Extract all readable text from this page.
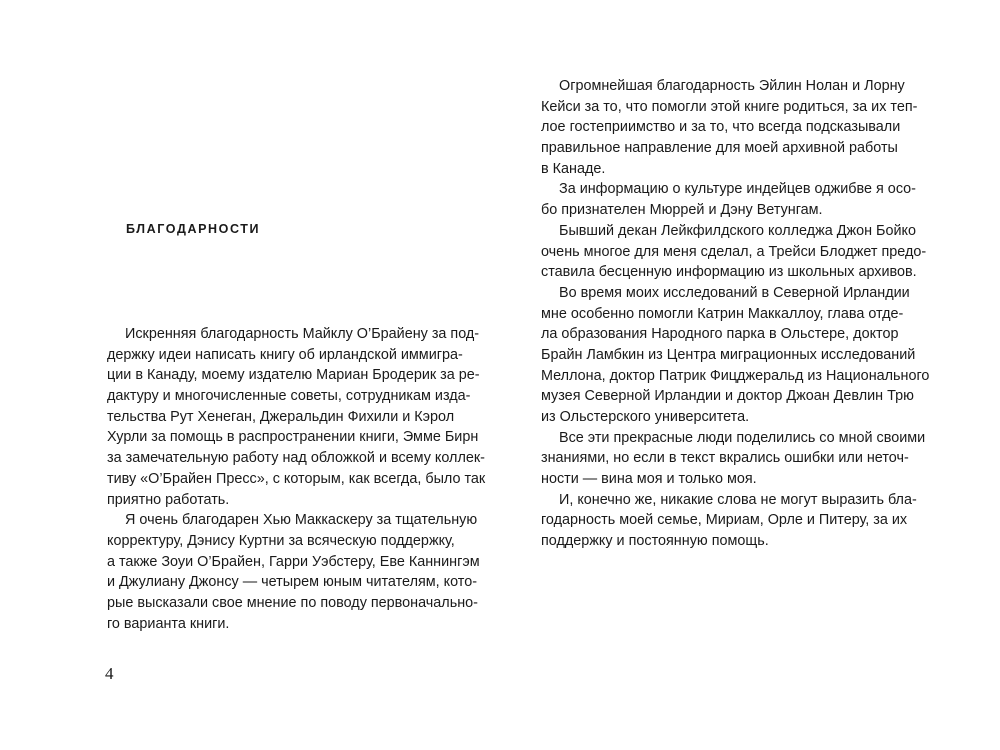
БЛАГОДАРНОСТИ
Искренняя благодарность Майклу О’Брайену за под-
держку идеи написать книгу об ирландской иммигра-
ции в Канаду, моему издателю Мариан Бродерик за ре-
дактуру и многочисленные советы, сотрудникам изда-
тельства Рут Хенеган, Джеральдин Фихили и Кэрол
Хурли за помощь в распространении книги, Эмме Бирн
за замечательную работу над обложкой и всему коллек-
тиву «О’Брайен Пресс», с которым, как всегда, было так
приятно работать.
Я очень благодарен Хью Маккаскеру за тщательную
корректуру, Дэнису Куртни за всяческую поддержку,
а также Зоуи О’Брайен, Гарри Уэбстеру, Еве Каннингэм
и Джулиану Джонсу — четырем юным читателям, кото-
рые высказали свое мнение по поводу первоначально-
го варианта книги.
4
Огромнейшая благодарность Эйлин Нолан и Лорну
Кейси за то, что помогли этой книге родиться, за их теп-
лое гостеприимство и за то, что всегда подсказывали
правильное направление для моей архивной работы
в Канаде.
За информацию о культуре индейцев оджибве я осо-
бо признателен Мюррей и Дэну Ветунгам.
Бывший декан Лейкфилдского колледжа Джон Бойко
очень многое для меня сделал, а Трейси Блоджет предо-
ставила бесценную информацию из школьных архивов.
Во время моих исследований в Северной Ирландии
мне особенно помогли Катрин Маккаллоу, глава отде-
ла образования Народного парка в Ольстере, доктор
Брайн Ламбкин из Центра миграционных исследований
Меллона, доктор Патрик Фицджеральд из Национального
музея Северной Ирландии и доктор Джоан Девлин Трю
из Ольстерского университета.
Все эти прекрасные люди поделились со мной своими
знаниями, но если в текст вкрались ошибки или неточ-
ности — вина моя и только моя.
И, конечно же, никакие слова не могут выразить бла-
годарность моей семье, Мириам, Орле и Питеру, за их
поддержку и постоянную помощь.
